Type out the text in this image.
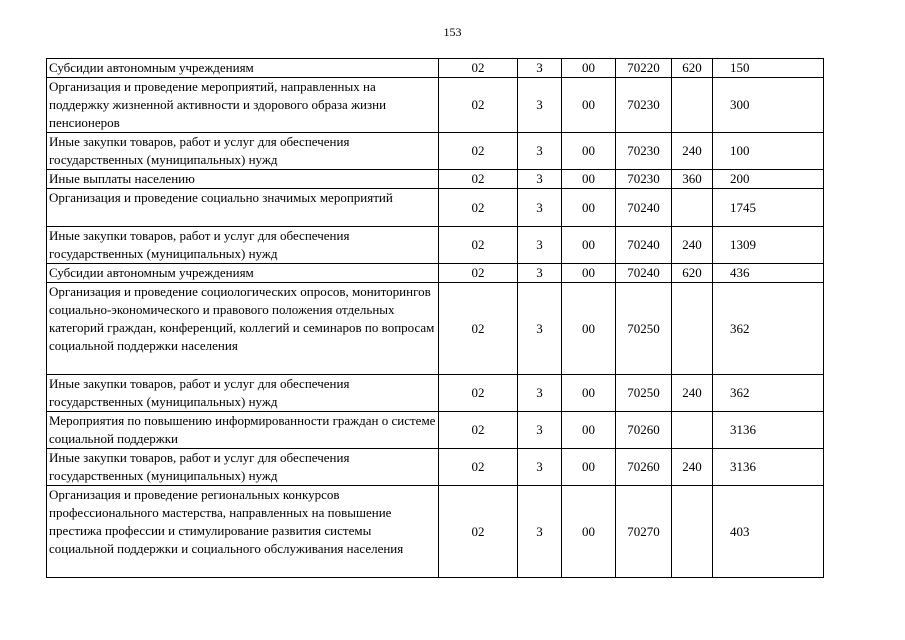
153
Субсидии автономным учреждениям	02	3	00	70220	620	150
Организация и проведение мероприятий, направленных на поддержку жизненной активности и здорового образа жизни пенсионеров	02	3	00	70230		300
Иные закупки товаров, работ и услуг для обеспечения государственных (муниципальных) нужд	02	3	00	70230	240	100
Иные выплаты населению	02	3	00	70230	360	200
Организация и проведение социально значимых мероприятий	02	3	00	70240		1745
Иные закупки товаров, работ и услуг для обеспечения государственных (муниципальных) нужд	02	3	00	70240	240	1309
Субсидии автономным учреждениям	02	3	00	70240	620	436
Организация и проведение социологических опросов, мониторингов социально-экономического и правового положения отдельных категорий граждан, конференций, коллегий и семинаров по вопросам социальной поддержки населения	02	3	00	70250		362
Иные закупки товаров, работ и услуг для обеспечения государственных (муниципальных) нужд	02	3	00	70250	240	362
Мероприятия по повышению информированности граждан о системе социальной поддержки	02	3	00	70260		3136
Иные закупки товаров, работ и услуг для обеспечения государственных (муниципальных) нужд	02	3	00	70260	240	3136
Организация и проведение региональных конкурсов профессионального мастерства, направленных на повышение престижа профессии и стимулирование развития системы социальной поддержки и социального обслуживания населения	02	3	00	70270		403
